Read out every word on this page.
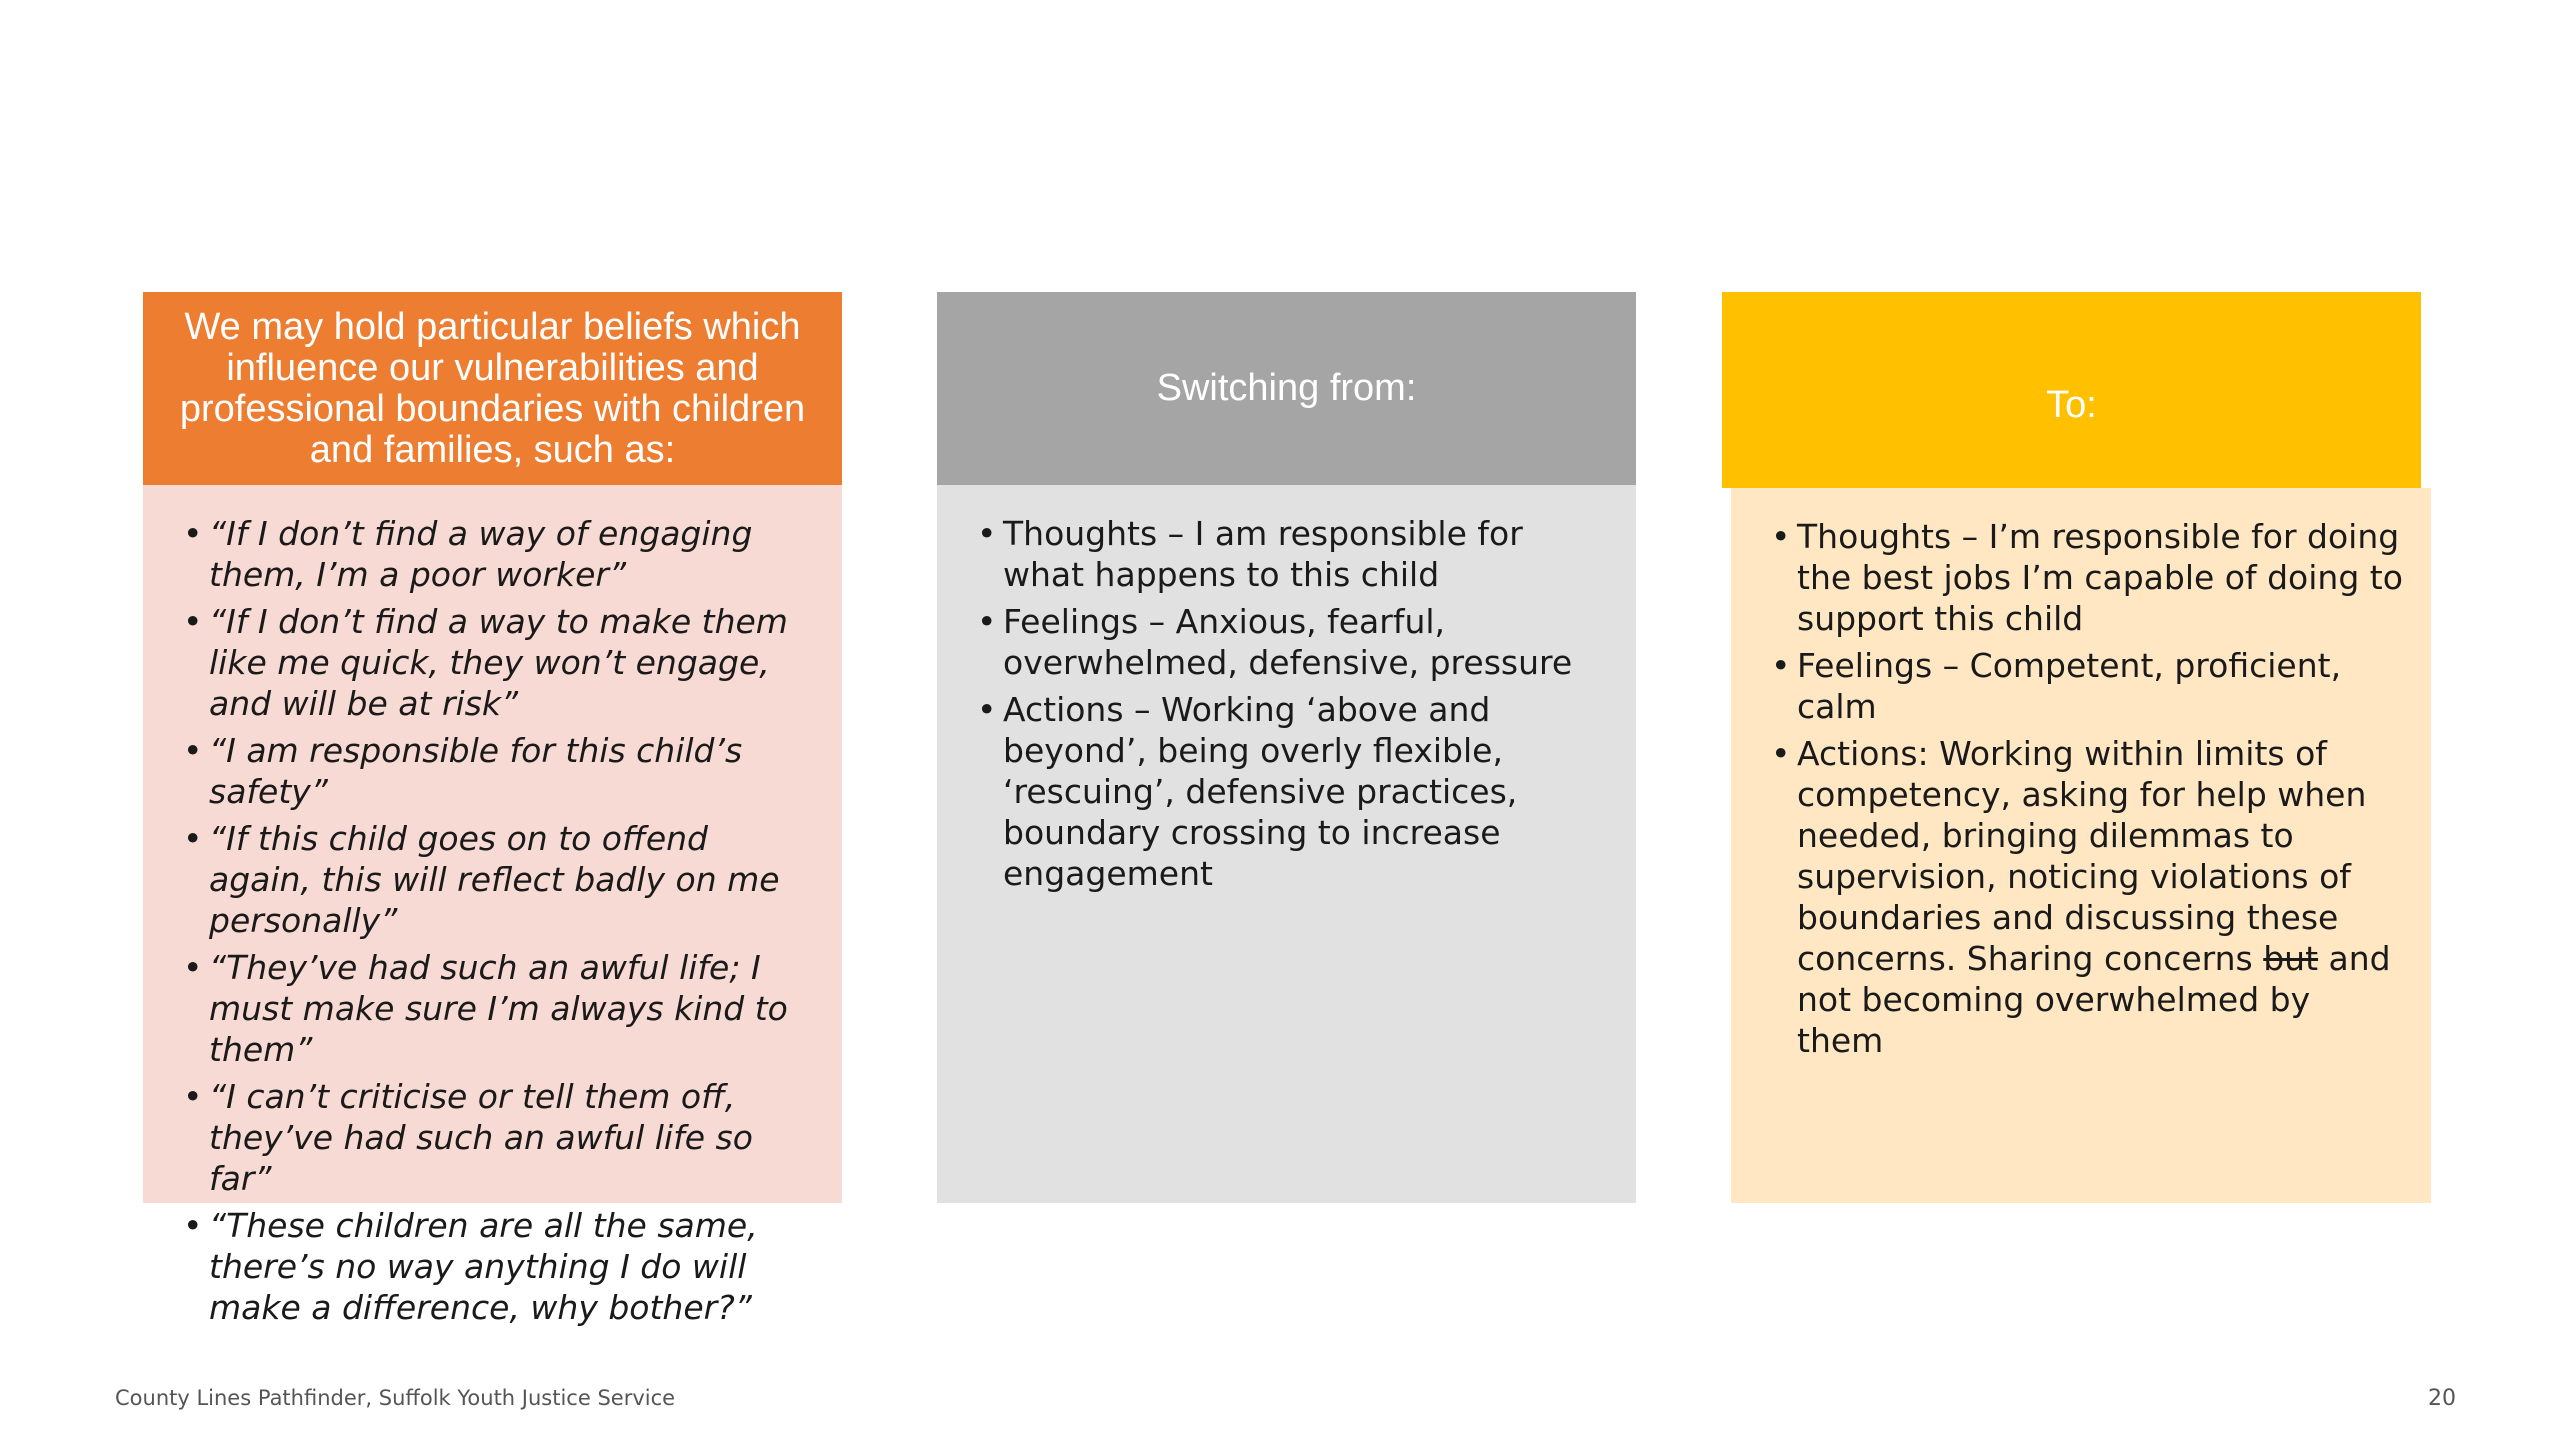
We may hold particular beliefs which influence our vulnerabilities and professional boundaries with children and families, such as:
• “If I don’t find a way of engaging them, I’m a poor worker”
• “If I don’t find a way to make them like me quick, they won’t engage, and will be at risk”
• “I am responsible for this child’s safety”
• “If this child goes on to offend again, this will reflect badly on me personally”
• “They’ve had such an awful life; I must make sure I’m always kind to them”
• “I can’t criticise or tell them off, they’ve had such an awful life so far”
• “These children are all the same, there’s no way anything I do will make a difference, why bother?”
Switching from:
• Thoughts – I am responsible for what happens to this child
• Feelings – Anxious, fearful, overwhelmed, defensive, pressure
• Actions – Working ‘above and beyond’, being overly flexible, ‘rescuing’, defensive practices, boundary crossing to increase engagement
To:
• Thoughts – I’m responsible for doing the best jobs I’m capable of doing to support this child
• Feelings – Competent, proficient, calm
• Actions: Working within limits of competency, asking for help when needed, bringing dilemmas to supervision, noticing violations of boundaries and discussing these concerns. Sharing concerns but and not becoming overwhelmed by them
County Lines Pathfinder, Suffolk Youth Justice Service	20
